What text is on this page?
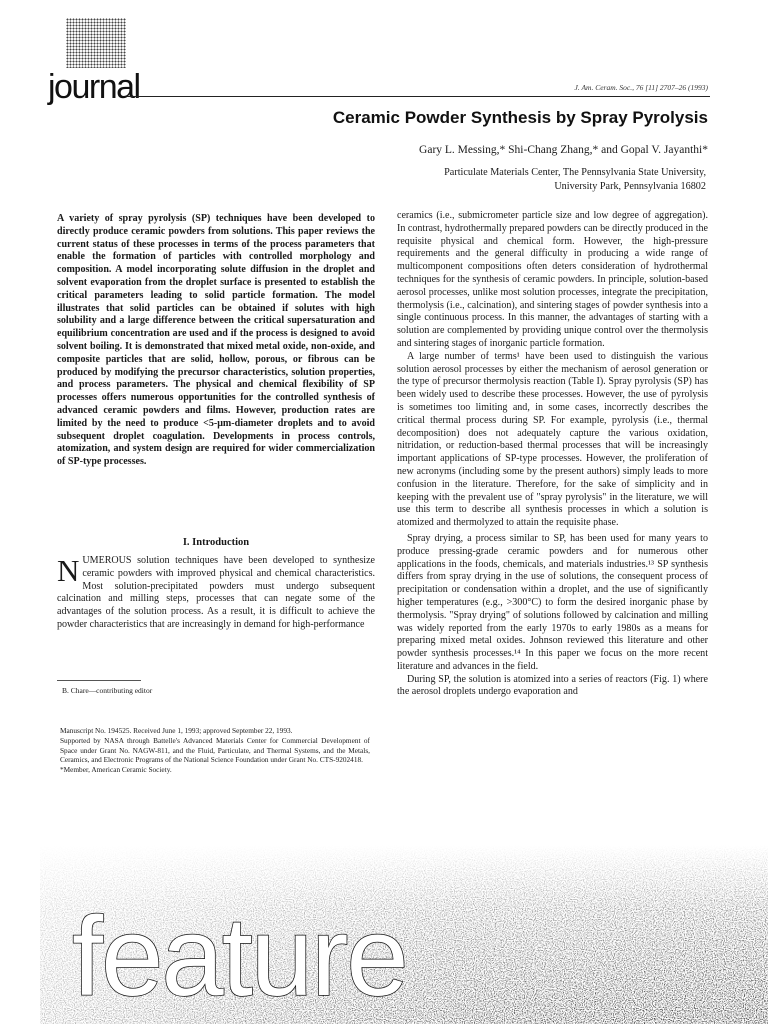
journal	J. Am. Ceram. Soc., 76 [11] 2707–26 (1993)
Ceramic Powder Synthesis by Spray Pyrolysis
Gary L. Messing,* Shi-Chang Zhang,* and Gopal V. Jayanthi*
Particulate Materials Center, The Pennsylvania State University,
University Park, Pennsylvania 16802
A variety of spray pyrolysis (SP) techniques have been developed to directly produce ceramic powders from solutions. This paper reviews the current status of these processes in terms of the process parameters that enable the formation of particles with controlled morphology and composition. A model incorporating solute diffusion in the droplet and solvent evaporation from the droplet surface is presented to establish the critical parameters leading to solid particle formation. The model illustrates that solid particles can be obtained if solutes with high solubility and a large difference between the critical supersaturation and equilibrium concentration are used and if the process is designed to avoid solvent boiling. It is demonstrated that mixed metal oxide, non-oxide, and composite particles that are solid, hollow, porous, or fibrous can be produced by modifying the precursor characteristics, solution properties, and process parameters. The physical and chemical flexibility of SP processes offers numerous opportunities for the controlled synthesis of advanced ceramic powders and films. However, production rates are limited by the need to produce <5-μm-diameter droplets and to avoid subsequent droplet coagulation. Developments in process controls, atomization, and system design are required for wider commercialization of SP-type processes.
I. Introduction
NUMEROUS solution techniques have been developed to synthesize ceramic powders with improved physical and chemical characteristics. Most solution-precipitated powders must undergo subsequent calcination and milling steps, processes that can negate some of the advantages of the solution process. As a result, it is difficult to achieve the powder characteristics that are increasingly in demand for high-performance
B. Chare—contributing editor
Manuscript No. 194525. Received June 1, 1993; approved September 22, 1993.
Supported by NASA through Battelle's Advanced Materials Center for Commercial Development of Space under Grant No. NAGW-811, and the Fluid, Particulate, and Thermal Systems, and the Metals, Ceramics, and Electronic Programs of the National Science Foundation under Grant No. CTS-9202418.
*Member, American Ceramic Society.

ceramics (i.e., submicrometer particle size and low degree of aggregation). In contrast, hydrothermally prepared powders can be directly produced in the requisite physical and chemical form. However, the high-pressure requirements and the general difficulty in producing a wide range of multicomponent compositions often deters consideration of hydrothermal techniques for the synthesis of ceramic powders. In principle, solution-based aerosol processes, unlike most solution processes, integrate the precipitation, thermolysis (i.e., calcination), and sintering stages of powder synthesis into a single continuous process. In this manner, the advantages of starting with a solution are complemented by providing unique control over the thermolysis and sintering stages of inorganic particle formation.

A large number of terms¹ have been used to distinguish the various solution aerosol processes by either the mechanism of aerosol generation or the type of precursor thermolysis reaction (Table I). Spray pyrolysis (SP) has been widely used to describe these processes. However, the use of pyrolysis is sometimes too limiting and, in some cases, incorrectly describes the critical thermal process during SP. For example, pyrolysis (i.e., thermal decomposition) does not adequately capture the various oxidation, nitridation, or reduction-based thermal processes that will be increasingly important applications of SP-type processes. However, the proliferation of new acronyms (including some by the present authors) simply leads to more confusion in the literature. Therefore, for the sake of simplicity and in keeping with the prevalent use of "spray pyrolysis" in the literature, we will use this term to describe all synthesis processes in which a solution is atomized and thermolyzed to attain the requisite phase.

Spray drying, a process similar to SP, has been used for many years to produce pressing-grade ceramic powders and for numerous other applications in the foods, chemicals, and materials industries.¹³ SP synthesis differs from spray drying in the use of solutions, the consequent process of precipitation or condensation within a droplet, and the use of significantly higher temperatures (e.g., >300°C) to form the desired inorganic phase by thermolysis. "Spray drying" of solutions followed by calcination and milling was widely reported from the early 1970s to early 1980s as a means for preparing mixed metal oxides. Johnson reviewed this literature and other powder synthesis processes.¹⁴ In this paper we focus on the more recent literature and advances in the field.

During SP, the solution is atomized into a series of reactors (Fig. 1) where the aerosol droplets undergo evaporation and

feature
